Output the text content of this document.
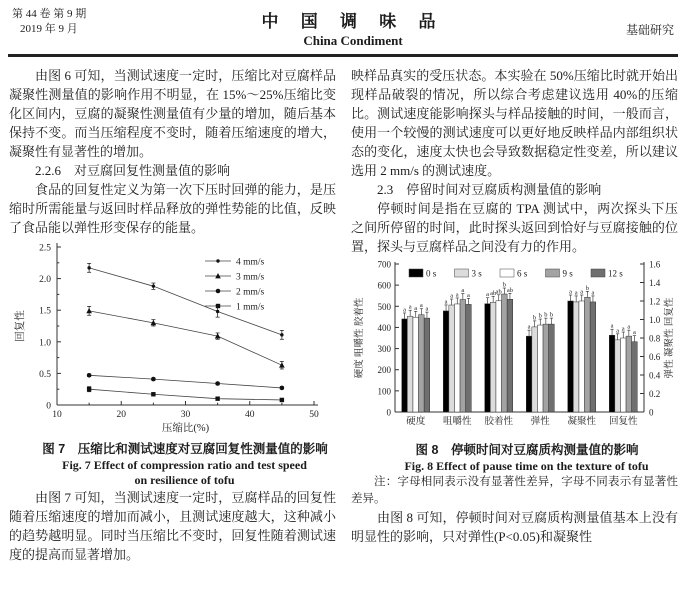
第 44 卷 第 9 期
2019 年 9 月	中 国 调 味 品
China Condiment
基础研究

由图 6 可知，当测试速度一定时，压缩比对豆腐样品凝聚性测量值的影响作用不明显，在 15%～25%压缩比变化区间内，豆腐的凝聚性测量值有少量的增加，随后基本保持不变。而当压缩程度不变时，随着压缩速度的增大，凝聚性有显著性的增加。

2.2.6　对豆腐回复性测量值的影响

食品的回复性定义为第一次下压时回弹的能力，是压缩时所需能量与返回时样品释放的弹性势能的比值，反映了食品能以弹性形变保存的能量。

0
0.5
1.0
1.5
2.0
2.5
10	20	30	40	50
压缩比(%)
回复性
4 mm/s
3 mm/s
2 mm/s
1 mm/s

图 7　压缩比和测试速度对豆腐回复性测量值的影响

Fig. 7 Effect of compression ratio and test speed

on resilience of tofu

由图 7 可知，当测试速度一定时，豆腐样品的回复性随着压缩速度的增加而减小，且测试速度越大，这种减小的趋势越明显。同时当压缩比不变时，回复性随着测试速度的提高而显著增加。

映样品真实的受压状态。本实验在 50%压缩比时就开始出现样品破裂的情况，所以综合考虑建议选用 40%的压缩比。测试速度能影响探头与样品接触的时间，一般而言，使用一个较慢的测试速度可以更好地反映样品内部组织状态的变化，速度太快也会导致数据稳定性变差，所以建议选用 2 mm/s 的测试速度。

2.3　停留时间对豆腐质构测量值的影响

停顿时间是指在豆腐的 TPA 测试中，两次探头下压之间所停留的时间，此时探头返回到恰好与豆腐接触的位置，探头与豆腐样品之间没有力的作用。

0
100
200
300
400
500
600
700
0
0.2
0.4
0.6
0.8
1.0
1.2
1.4
1.6
硬度 咀嚼性 胶着性	弹性 凝聚性 回复性
硬度
a a a a a
咀嚼性
a
a a
a
a
胶着性
a ab ab
b
ab
弹性
a
b b b b
凝聚性
a a a
b
a
回复性
a
a a a
a
0 s	3 s	6 s	9 s	12 s

图 8　停顿时间对豆腐质构测量值的影响

Fig. 8 Effect of pause time on the texture of tofu

注：字母相同表示没有显著性差异，字母不同表示有显著性差异。

由图 8 可知，停顿时间对豆腐质构测量值基本上没有明显性的影响，只对弹性(P<0.05)和凝聚性
